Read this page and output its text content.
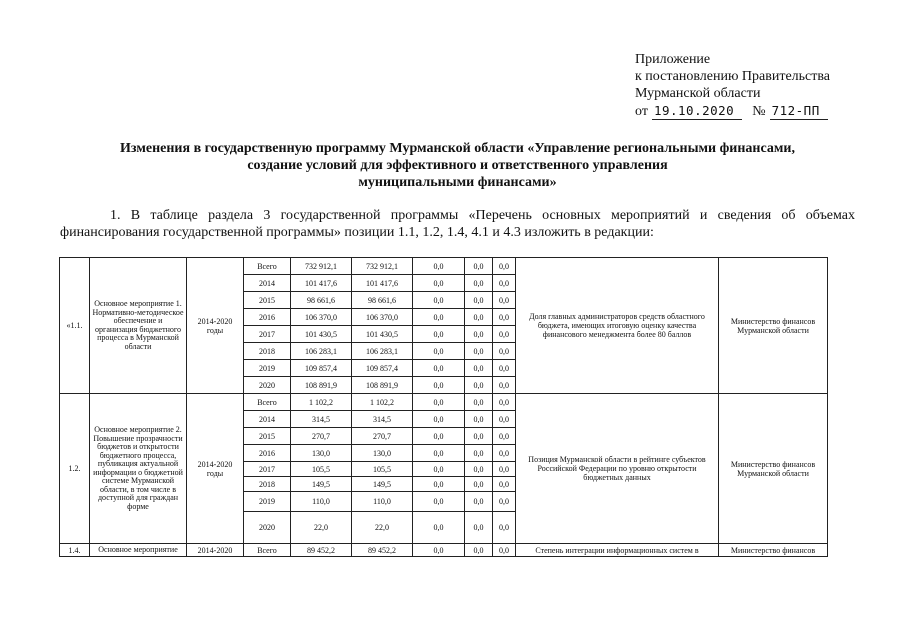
Приложение
к постановлению Правительства
Мурманской области
от 19.10.2020	№ 712-ПП
Изменения в государственную программу Мурманской области «Управление региональными финансами,
создание условий для эффективного и ответственного управления
муниципальными финансами»
1. В таблице раздела 3 государственной программы «Перечень основных мероприятий и сведения об объемах финансирования государственной программы» позиции 1.1, 1.2, 1.4, 4.1 и 4.3 изложить в редакции:
«1.1.	Основное мероприятие 1. Нормативно-методическое обеспечение и организация бюджетного процесса в Мурманской области	2014-2020 годы	Всего	732 912,1	732 912,1	0,0	0,0	0,0	Доля главных администраторов средств областного бюджета, имеющих итоговую оценку качества финансового менеджмента более 80 баллов	Министерство финансов Мурманской области
			2014	101 417,6	101 417,6	0,0	0,0	0,0		
			2015	98 661,6	98 661,6	0,0	0,0	0,0		
			2016	106 370,0	106 370,0	0,0	0,0	0,0		
			2017	101 430,5	101 430,5	0,0	0,0	0,0		
			2018	106 283,1	106 283,1	0,0	0,0	0,0		
			2019	109 857,4	109 857,4	0,0	0,0	0,0		
			2020	108 891,9	108 891,9	0,0	0,0	0,0		
1.2.	Основное мероприятие 2. Повышение прозрачности бюджетов и открытости бюджетного процесса, публикация актуальной информации о бюджетной системе Мурманской области, в том числе в доступной для граждан форме	2014-2020 годы	Всего	1 102,2	1 102,2	0,0	0,0	0,0	Позиция Мурманской области в рейтинге субъектов Российской Федерации по уровню открытости бюджетных данных	Министерство финансов Мурманской области
			2014	314,5	314,5	0,0	0,0	0,0		
			2015	270,7	270,7	0,0	0,0	0,0		
			2016	130,0	130,0	0,0	0,0	0,0		
			2017	105,5	105,5	0,0	0,0	0,0		
			2018	149,5	149,5	0,0	0,0	0,0		
			2019	110,0	110,0	0,0	0,0	0,0		
			2020	22,0	22,0	0,0	0,0	0,0		
1.4.	Основное мероприятие	2014-2020	Всего	89 452,2	89 452,2	0,0	0,0	0,0	Степень интеграции информационных систем в	Министерство финансов
